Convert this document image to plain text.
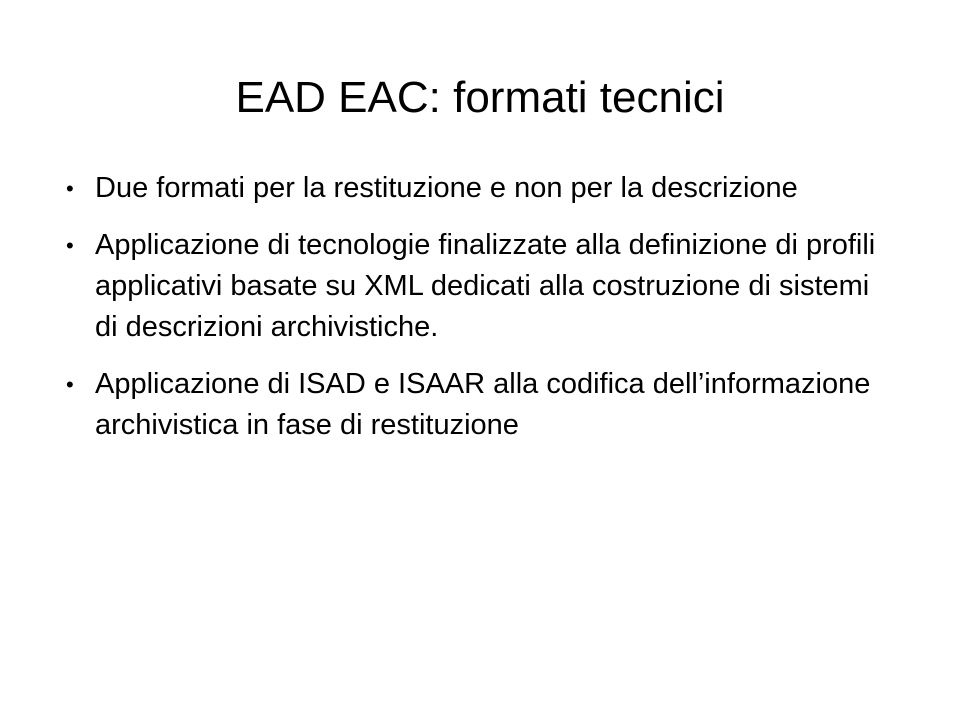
EAD EAC: formati tecnici
• Due formati per la restituzione e non per la descrizione
• Applicazione di tecnologie finalizzate alla definizione di profili applicativi basate su XML dedicati alla costruzione di sistemi di descrizioni archivistiche.
• Applicazione di ISAD e ISAAR alla codifica dell’informazione archivistica in fase di restituzione
